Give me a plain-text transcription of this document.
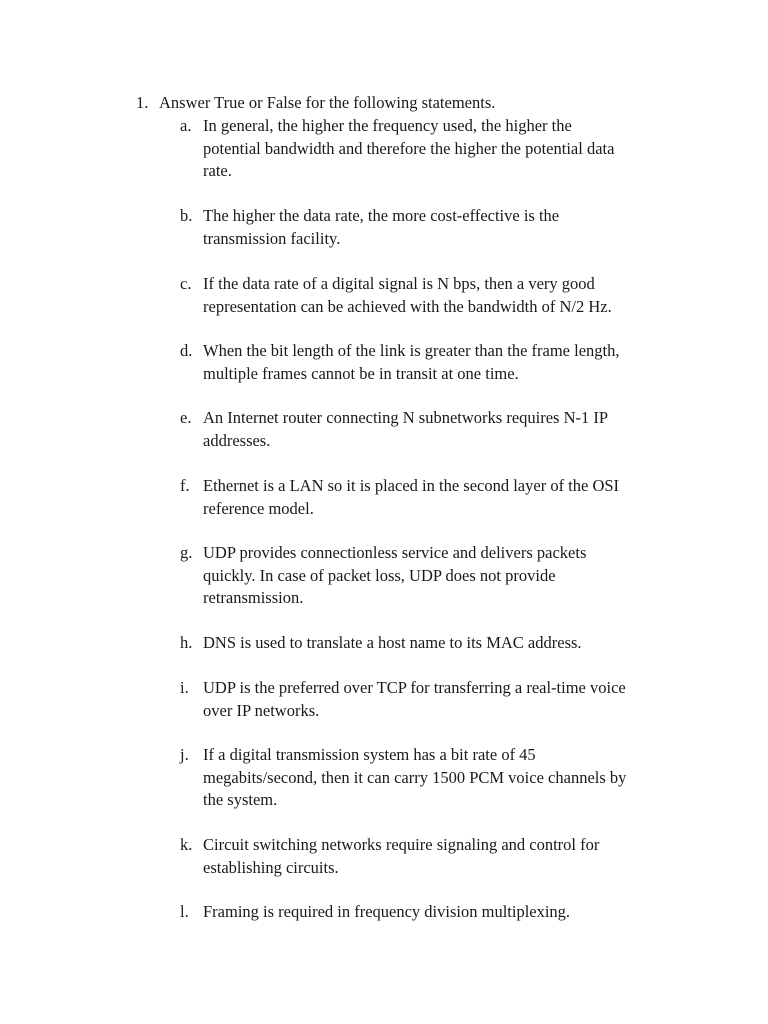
1. Answer True or False for the following statements.
a. In general, the higher the frequency used, the higher the
potential bandwidth and therefore the higher the potential data
rate.
b. The higher the data rate, the more cost-effective is the
transmission facility.
c. If the data rate of a digital signal is N bps, then a very good
representation can be achieved with the bandwidth of N/2 Hz.
d. When the bit length of the link is greater than the frame length,
multiple frames cannot be in transit at one time.
e. An Internet router connecting N subnetworks requires N-1 IP
addresses.
f. Ethernet is a LAN so it is placed in the second layer of the OSI
reference model.
g. UDP provides connectionless service and delivers packets
quickly. In case of packet loss, UDP does not provide
retransmission.
h. DNS is used to translate a host name to its MAC address.
i. UDP is the preferred over TCP for transferring a real-time voice
over IP networks.
j. If a digital transmission system has a bit rate of 45
megabits/second, then it can carry 1500 PCM voice channels by
the system.
k. Circuit switching networks require signaling and control for
establishing circuits.
l. Framing is required in frequency division multiplexing.
